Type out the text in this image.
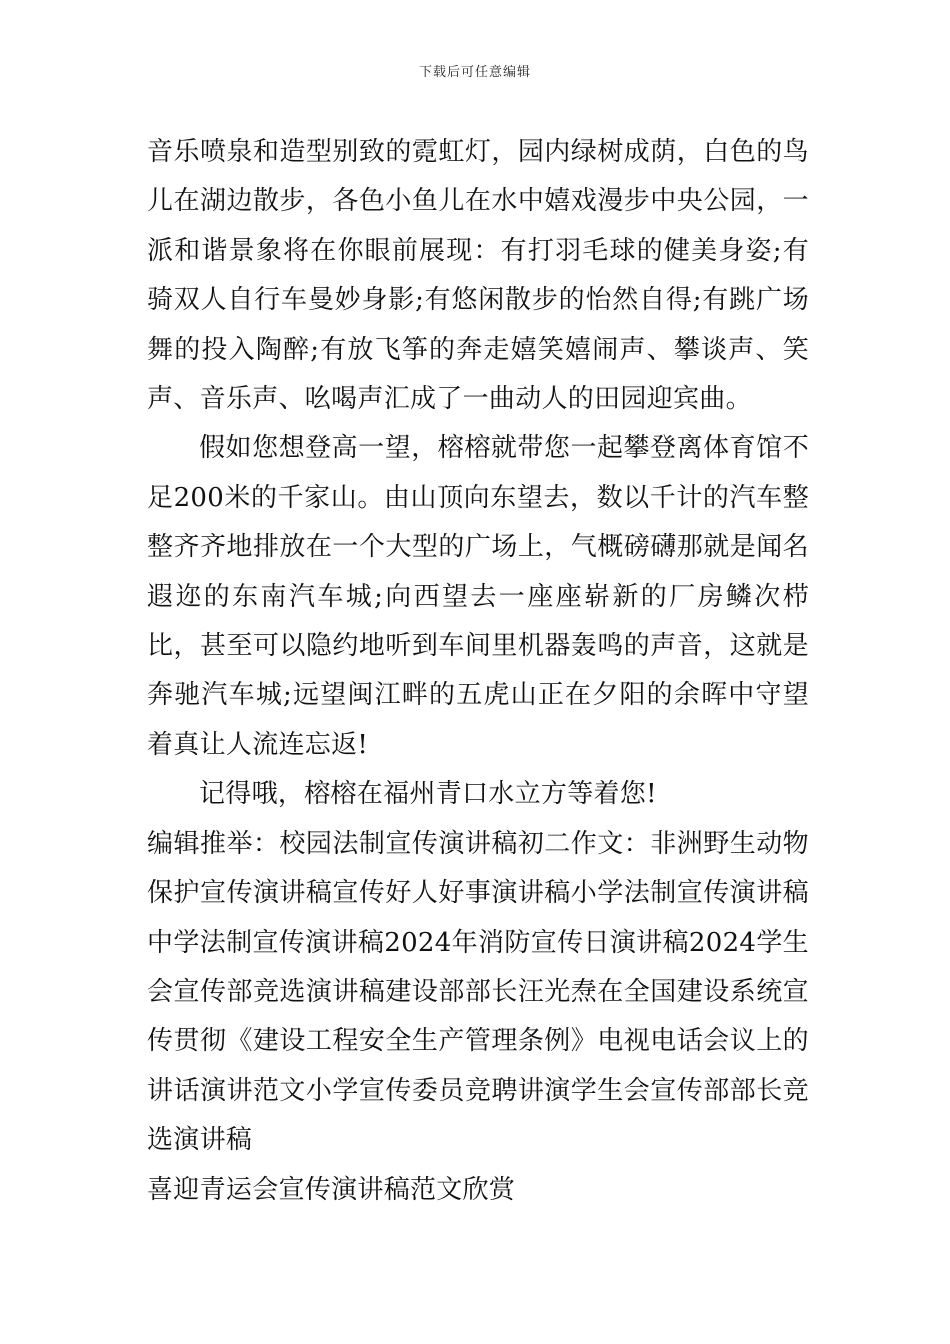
下载后可任意编辑

音乐喷泉和造型别致的霓虹灯，园内绿树成荫，白色的鸟儿在湖边散步，各色小鱼儿在水中嬉戏漫步中央公园，一派和谐景象将在你眼前展现：有打羽毛球的健美身姿;有骑双人自行车曼妙身影;有悠闲散步的怡然自得;有跳广场舞的投入陶醉;有放飞筝的奔走嬉笑嬉闹声、攀谈声、笑声、音乐声、吆喝声汇成了一曲动人的田园迎宾曲。

假如您想登高一望，榕榕就带您一起攀登离体育馆不足200米的千家山。由山顶向东望去，数以千计的汽车整整齐齐地排放在一个大型的广场上，气概磅礴那就是闻名遐迩的东南汽车城;向西望去一座座崭新的厂房鳞次栉比，甚至可以隐约地听到车间里机器轰鸣的声音，这就是奔驰汽车城;远望闽江畔的五虎山正在夕阳的余晖中守望着真让人流连忘返!

记得哦，榕榕在福州青口水立方等着您!

编辑推举：校园法制宣传演讲稿初二作文：非洲野生动物保护宣传演讲稿宣传好人好事演讲稿小学法制宣传演讲稿中学法制宣传演讲稿2024年消防宣传日演讲稿2024学生会宣传部竞选演讲稿建设部部长汪光焘在全国建设系统宣传贯彻《建设工程安全生产管理条例》电视电话会议上的讲话演讲范文小学宣传委员竞聘讲演学生会宣传部部长竞选演讲稿

喜迎青运会宣传演讲稿范文欣赏
